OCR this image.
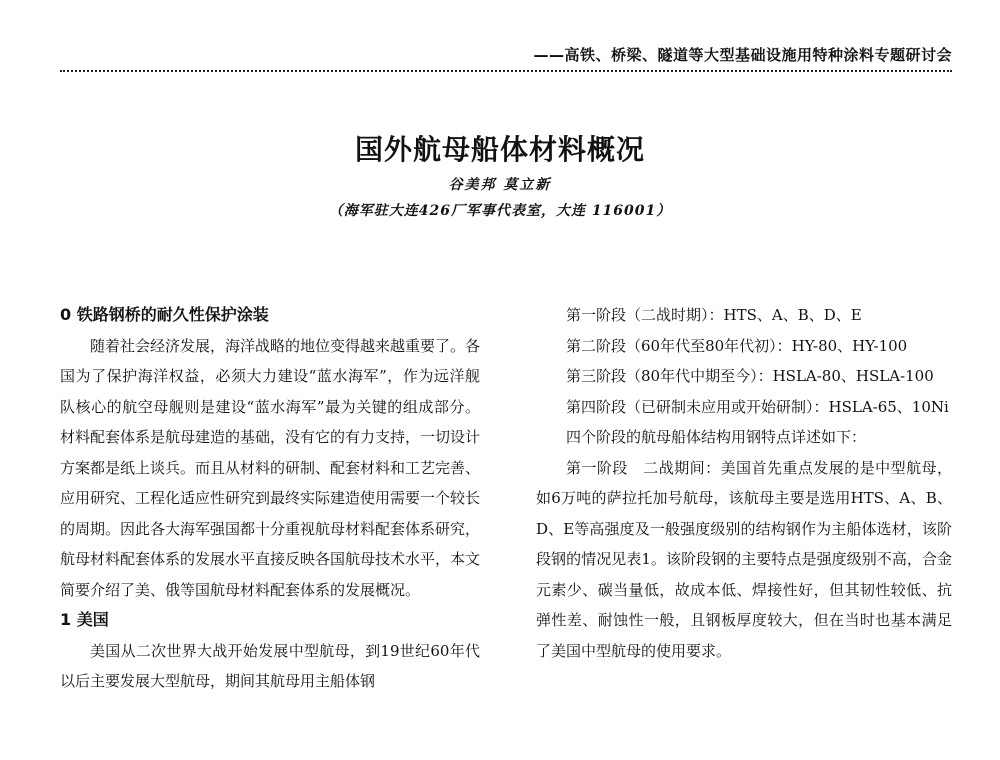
——高铁、桥梁、隧道等大型基础设施用特种涂料专题研讨会
国外航母船体材料概况
谷美邦 莫立新
（海军驻大连426厂军事代表室，大连 116001）

0 铁路钢桥的耐久性保护涂装

随着社会经济发展，海洋战略的地位变得越来越重要了。各国为了保护海洋权益，必须大力建设“蓝水海军”，作为远洋舰队核心的航空母舰则是建设“蓝水海军”最为关键的组成部分。材料配套体系是航母建造的基础，没有它的有力支持，一切设计方案都是纸上谈兵。而且从材料的研制、配套材料和工艺完善、应用研究、工程化适应性研究到最终实际建造使用需要一个较长的周期。因此各大海军强国都十分重视航母材料配套体系研究，航母材料配套体系的发展水平直接反映各国航母技术水平，本文简要介绍了美、俄等国航母材料配套体系的发展概况。

1 美国

美国从二次世界大战开始发展中型航母，到19世纪60年代以后主要发展大型航母，期间其航母用主船体钢

第一阶段（二战时期）：HTS、A、B、D、E

第二阶段（60年代至80年代初）：HY-80、HY-100

第三阶段（80年代中期至今）：HSLA-80、HSLA-100

第四阶段（已研制未应用或开始研制）：HSLA-65、10Ni

四个阶段的航母船体结构用钢特点详述如下：

第一阶段　二战期间：美国首先重点发展的是中型航母，如6万吨的萨拉托加号航母，该航母主要是选用HTS、A、B、D、E等高强度及一般强度级别的结构钢作为主船体选材，该阶段钢的情况见表1。该阶段钢的主要特点是强度级别不高，合金元素少、碳当量低，故成本低、焊接性好，但其韧性较低、抗弹性差、耐蚀性一般，且钢板厚度较大，但在当时也基本满足了美国中型航母的使用要求。
